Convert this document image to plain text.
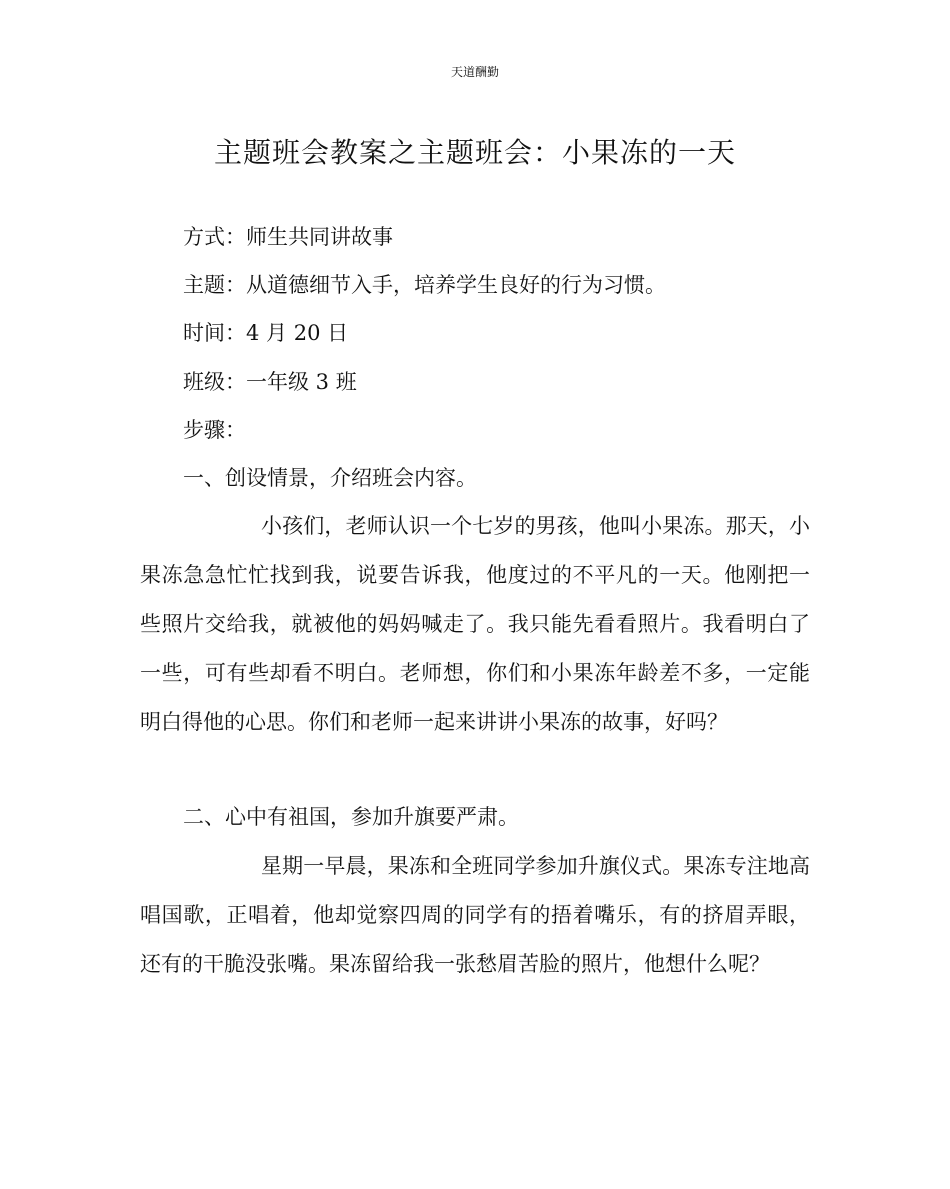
天道酬勤
主题班会教案之主题班会：小果冻的一天
方式：师生共同讲故事
主题：从道德细节入手，培养学生良好的行为习惯。
时间：4 月 20 日
班级：一年级 3 班
步骤：
一、创设情景，介绍班会内容。
小孩们，老师认识一个七岁的男孩，他叫小果冻。那天，小果冻急急忙忙找到我，说要告诉我，他度过的不平凡的一天。他刚把一些照片交给我，就被他的妈妈喊走了。我只能先看看照片。我看明白了一些，可有些却看不明白。老师想，你们和小果冻年龄差不多，一定能明白得他的心思。你们和老师一起来讲讲小果冻的故事，好吗？
二、心中有祖国，参加升旗要严肃。
星期一早晨，果冻和全班同学参加升旗仪式。果冻专注地高唱国歌，正唱着，他却觉察四周的同学有的捂着嘴乐，有的挤眉弄眼，还有的干脆没张嘴。果冻留给我一张愁眉苦脸的照片，他想什么呢？
